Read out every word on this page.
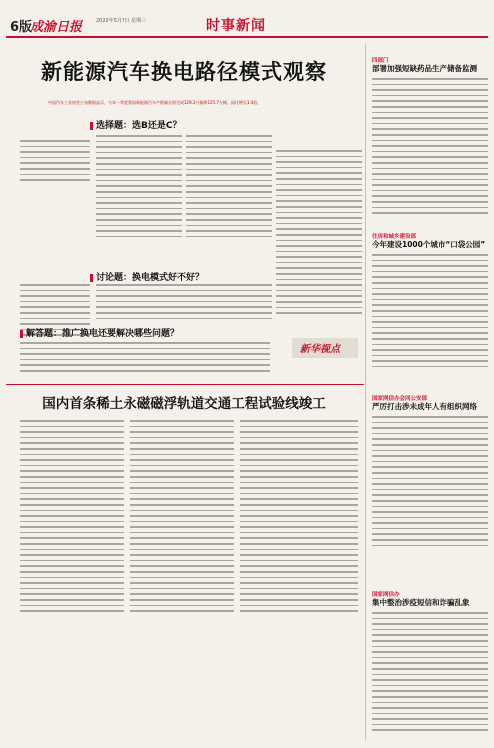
6版
成渝日报	2022年5月?日 星期三	时事新闻
新能源汽车换电路径模式观察
中国汽车工业协会公布数据显示，今年一季度我国新能源汽车产销量分别完成129.3万辆和125.7万辆，同比增长1.4倍。
选择题：选B还是C？
讨论题：换电模式好不好？
解答题：推广换电还要解决哪些问题？
新华视点
国内首条稀土永磁磁浮轨道交通工程试验线竣工
四部门
部署加强短缺药品生产储备监测
住房和城乡建设部
今年建设1000个城市“口袋公园”
国家网信办会同公安部
严厉打击涉未成年人有组织网络
国家网信办
集中整治涉疫短信和诈骗乱象
